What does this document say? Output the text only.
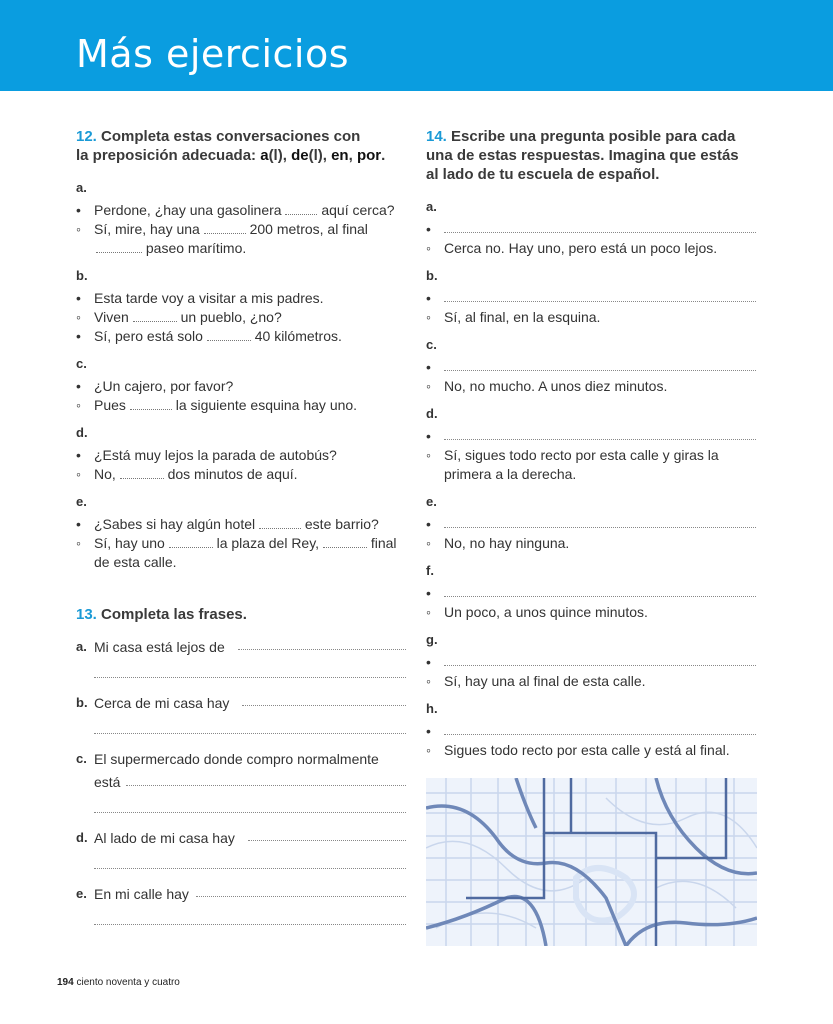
Más ejercicios
12. Completa estas conversaciones con
la preposición adecuada: a(l), de(l), en, por.
a.
• Perdone, ¿hay una gasolinera	aquí cerca?
◦ Sí, mire, hay una	200 metros, al final
paseo marítimo.
b.
• Esta tarde voy a visitar a mis padres.
◦ Viven	un pueblo, ¿no?
• Sí, pero está solo	40 kilómetros.
c.
• ¿Un cajero, por favor?
◦ Pues	la siguiente esquina hay uno.
d.
• ¿Está muy lejos la parada de autobús?
◦ No,	dos minutos de aquí.
e.
• ¿Sabes si hay algún hotel	este barrio?
◦ Sí, hay uno	la plaza del Rey,	final
de esta calle.
13. Completa las frases.
a. Mi casa está lejos de
b. Cerca de mi casa hay
c. El supermercado donde compro normalmente
está
d. Al lado de mi casa hay
e. En mi calle hay
14. Escribe una pregunta posible para cada
una de estas respuestas. Imagina que estás
al lado de tu escuela de español.
a.
•
◦ Cerca no. Hay uno, pero está un poco lejos.
b.
•
◦ Sí, al final, en la esquina.
c.
•
◦ No, no mucho. A unos diez minutos.
d.
•
◦ Sí, sigues todo recto por esta calle y giras la
primera a la derecha.
e.
•
◦ No, no hay ninguna.
f.
•
◦ Un poco, a unos quince minutos.
g.
•
◦ Sí, hay una al final de esta calle.
h.
•
◦ Sigues todo recto por esta calle y está al final.
194 ciento noventa y cuatro
